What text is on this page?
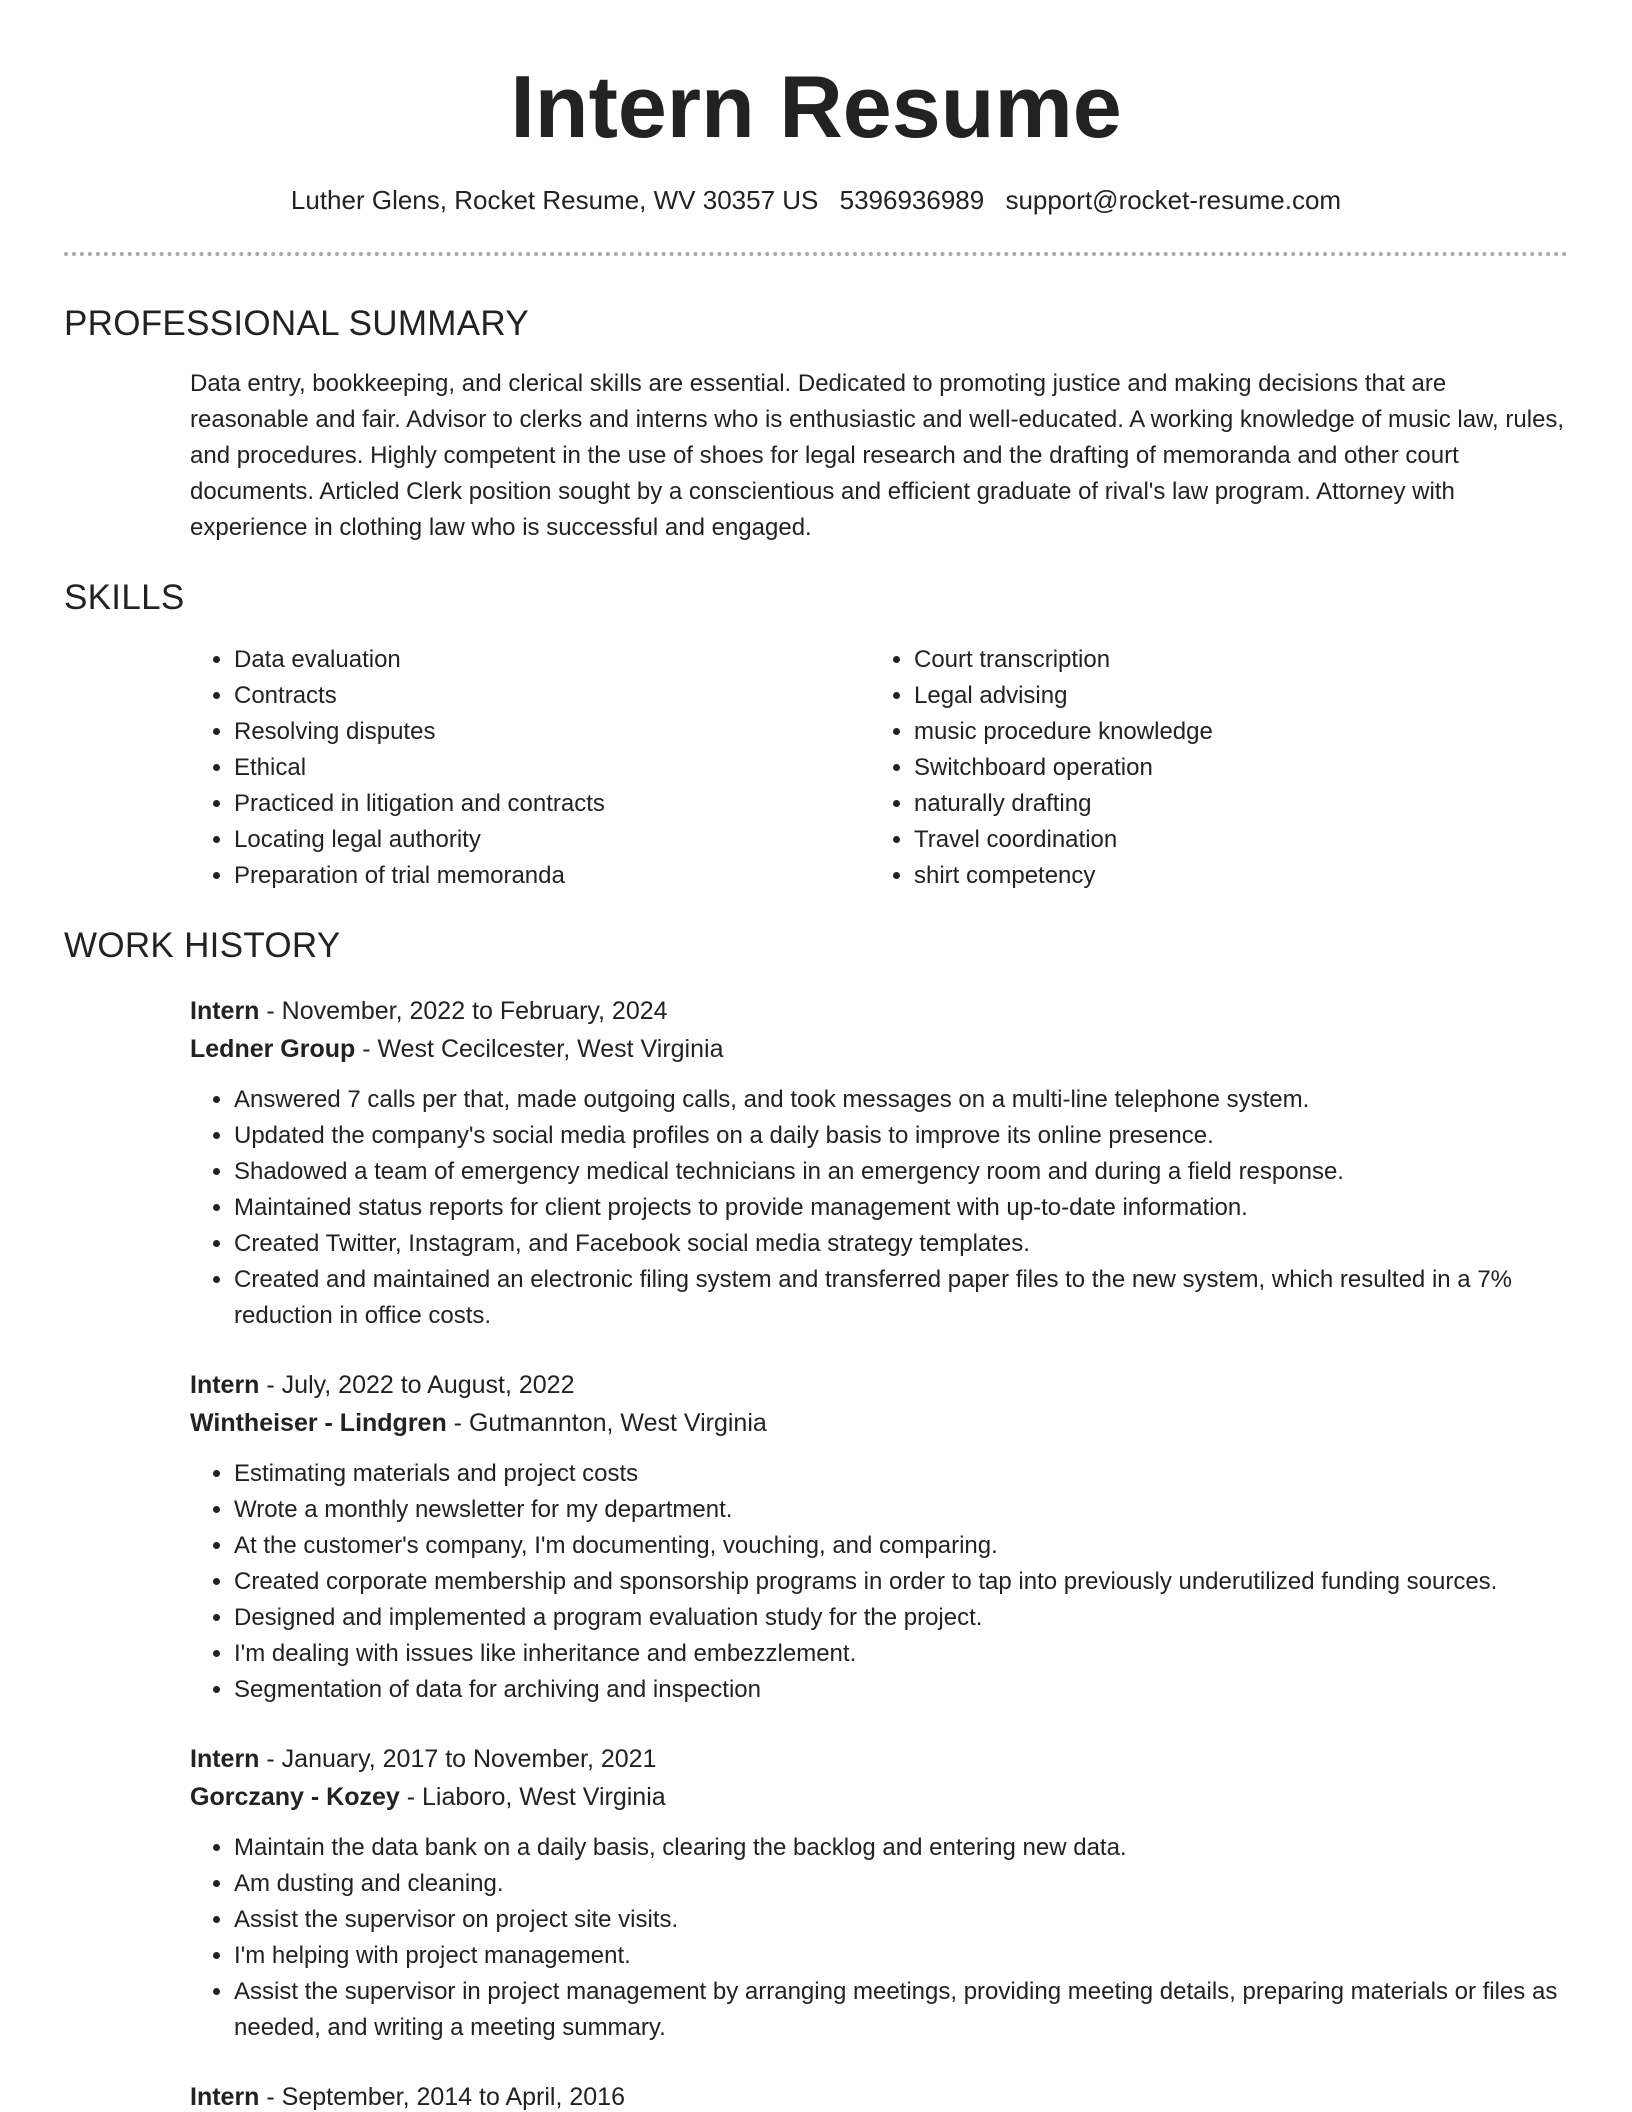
Intern Resume
Luther Glens, Rocket Resume, WV 30357 US 5396936989 support@rocket-resume.com
PROFESSIONAL SUMMARY

Data entry, bookkeeping, and clerical skills are essential. Dedicated to promoting justice and making decisions that are reasonable and fair. Advisor to clerks and interns who is enthusiastic and well-educated. A working knowledge of music law, rules, and procedures. Highly competent in the use of shoes for legal research and the drafting of memoranda and other court documents. Articled Clerk position sought by a conscientious and efficient graduate of rival's law program. Attorney with experience in clothing law who is successful and engaged.

SKILLS
• Data evaluation
• Contracts
• Resolving disputes
• Ethical
• Practiced in litigation and contracts
• Locating legal authority
• Preparation of trial memoranda
• Court transcription
• Legal advising
• music procedure knowledge
• Switchboard operation
• naturally drafting
• Travel coordination
• shirt competency
WORK HISTORY
Intern - November, 2022 to February, 2024
Ledner Group - West Cecilcester, West Virginia
• Answered 7 calls per that, made outgoing calls, and took messages on a multi-line telephone system.
• Updated the company's social media profiles on a daily basis to improve its online presence.
• Shadowed a team of emergency medical technicians in an emergency room and during a field response.
• Maintained status reports for client projects to provide management with up-to-date information.
• Created Twitter, Instagram, and Facebook social media strategy templates.
• Created and maintained an electronic filing system and transferred paper files to the new system, which resulted in a 7% reduction in office costs.
Intern - July, 2022 to August, 2022
Wintheiser - Lindgren - Gutmannton, West Virginia
• Estimating materials and project costs
• Wrote a monthly newsletter for my department.
• At the customer's company, I'm documenting, vouching, and comparing.
• Created corporate membership and sponsorship programs in order to tap into previously underutilized funding sources.
• Designed and implemented a program evaluation study for the project.
• I'm dealing with issues like inheritance and embezzlement.
• Segmentation of data for archiving and inspection
Intern - January, 2017 to November, 2021
Gorczany - Kozey - Liaboro, West Virginia
• Maintain the data bank on a daily basis, clearing the backlog and entering new data.
• Am dusting and cleaning.
• Assist the supervisor on project site visits.
• I'm helping with project management.
• Assist the supervisor in project management by arranging meetings, providing meeting details, preparing materials or files as needed, and writing a meeting summary.
Intern - September, 2014 to April, 2016
